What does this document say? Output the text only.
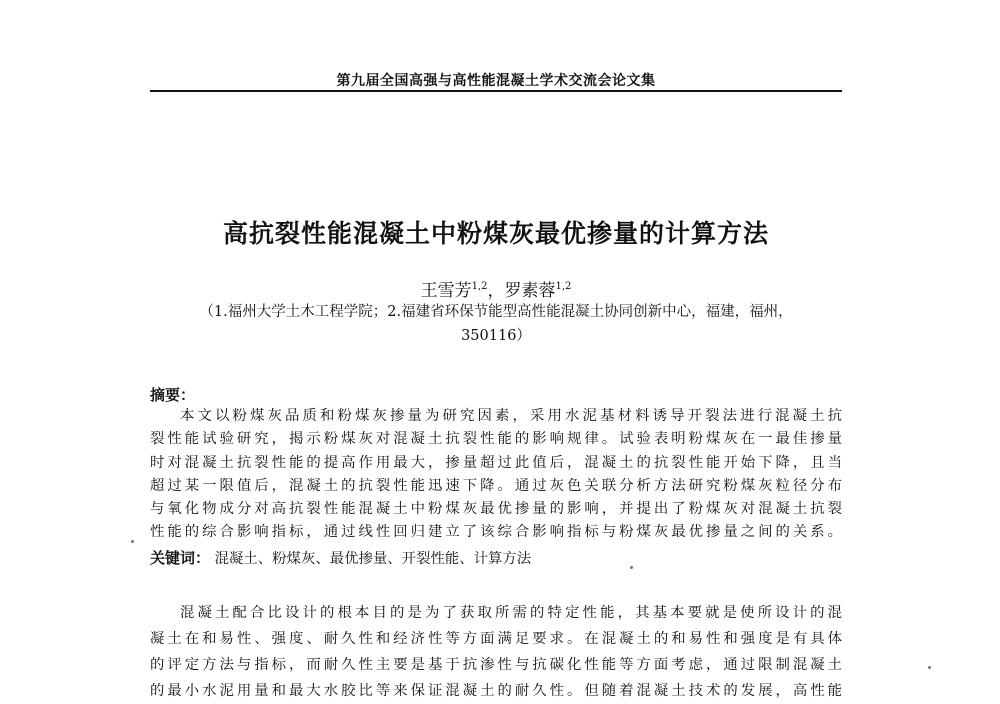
第九届全国高强与高性能混凝土学术交流会论文集
高抗裂性能混凝土中粉煤灰最优掺量的计算方法
王雪芳$^{1,2}$，罗素蓉$^{1,2}$
（1.福州大学土木工程学院；2.福建省环保节能型高性能混凝土协同创新中心，福建，福州，
350116）
摘要：
本文以粉煤灰品质和粉煤灰掺量为研究因素，采用水泥基材料诱导开裂法进行混凝土抗
裂性能试验研究，揭示粉煤灰对混凝土抗裂性能的影响规律。试验表明粉煤灰在一最佳掺量
时对混凝土抗裂性能的提高作用最大，掺量超过此值后，混凝土的抗裂性能开始下降，且当
超过某一限值后，混凝土的抗裂性能迅速下降。通过灰色关联分析方法研究粉煤灰粒径分布
与氧化物成分对高抗裂性能混凝土中粉煤灰最优掺量的影响，并提出了粉煤灰对混凝土抗裂
性能的综合影响指标，通过线性回归建立了该综合影响指标与粉煤灰最优掺量之间的关系。
关键词： 混凝土、粉煤灰、最优掺量、开裂性能、计算方法
混凝土配合比设计的根本目的是为了获取所需的特定性能，其基本要就是使所设计的混
凝土在和易性、强度、耐久性和经济性等方面满足要求。在混凝土的和易性和强度是有具体
的评定方法与指标，而耐久性主要是基于抗渗性与抗碳化性能等方面考虑，通过限制混凝土
的最小水泥用量和最大水胶比等来保证混凝土的耐久性。但随着混凝土技术的发展，高性能
